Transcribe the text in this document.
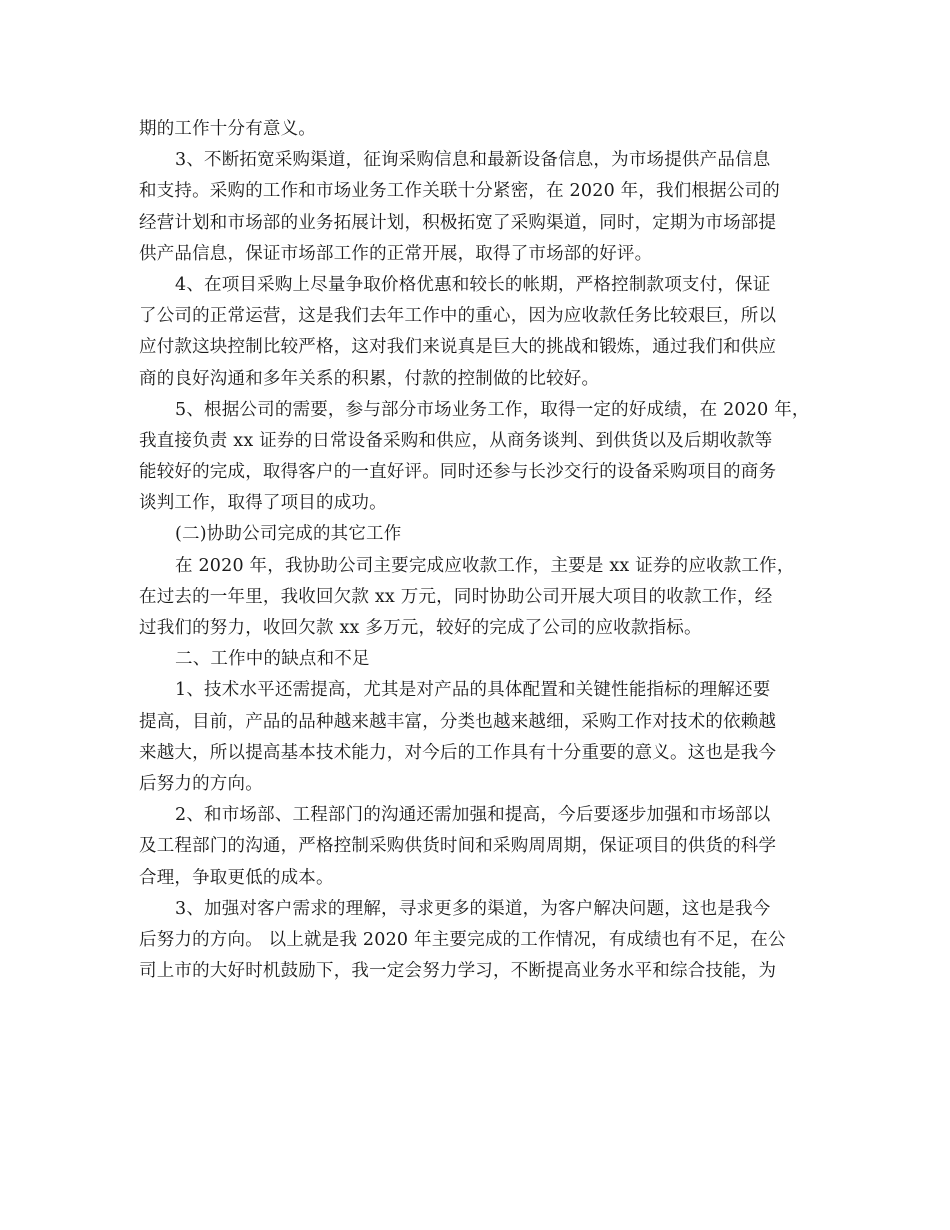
期的工作十分有意义。
3、不断拓宽采购渠道，征询采购信息和最新设备信息，为市场提供产品信息
和支持。采购的工作和市场业务工作关联十分紧密，在 2020 年，我们根据公司的
经营计划和市场部的业务拓展计划，积极拓宽了采购渠道，同时，定期为市场部提
供产品信息，保证市场部工作的正常开展，取得了市场部的好评。
4、在项目采购上尽量争取价格优惠和较长的帐期，严格控制款项支付，保证
了公司的正常运营，这是我们去年工作中的重心，因为应收款任务比较艰巨，所以
应付款这块控制比较严格，这对我们来说真是巨大的挑战和锻炼，通过我们和供应
商的良好沟通和多年关系的积累，付款的控制做的比较好。
5、根据公司的需要，参与部分市场业务工作，取得一定的好成绩，在 2020 年，
我直接负责 xx 证券的日常设备采购和供应，从商务谈判、到供货以及后期收款等
能较好的完成，取得客户的一直好评。同时还参与长沙交行的设备采购项目的商务
谈判工作，取得了项目的成功。
(二)协助公司完成的其它工作
在 2020 年，我协助公司主要完成应收款工作，主要是 xx 证券的应收款工作，
在过去的一年里，我收回欠款 xx 万元，同时协助公司开展大项目的收款工作，经
过我们的努力，收回欠款 xx 多万元，较好的完成了公司的应收款指标。
二、工作中的缺点和不足
1、技术水平还需提高，尤其是对产品的具体配置和关键性能指标的理解还要
提高，目前，产品的品种越来越丰富，分类也越来越细，采购工作对技术的依赖越
来越大，所以提高基本技术能力，对今后的工作具有十分重要的意义。这也是我今
后努力的方向。
2、和市场部、工程部门的沟通还需加强和提高，今后要逐步加强和市场部以
及工程部门的沟通，严格控制采购供货时间和采购周周期，保证项目的供货的科学
合理，争取更低的成本。
3、加强对客户需求的理解，寻求更多的渠道，为客户解决问题，这也是我今
后努力的方向。 以上就是我 2020 年主要完成的工作情况，有成绩也有不足，在公
司上市的大好时机鼓励下，我一定会努力学习，不断提高业务水平和综合技能，为
